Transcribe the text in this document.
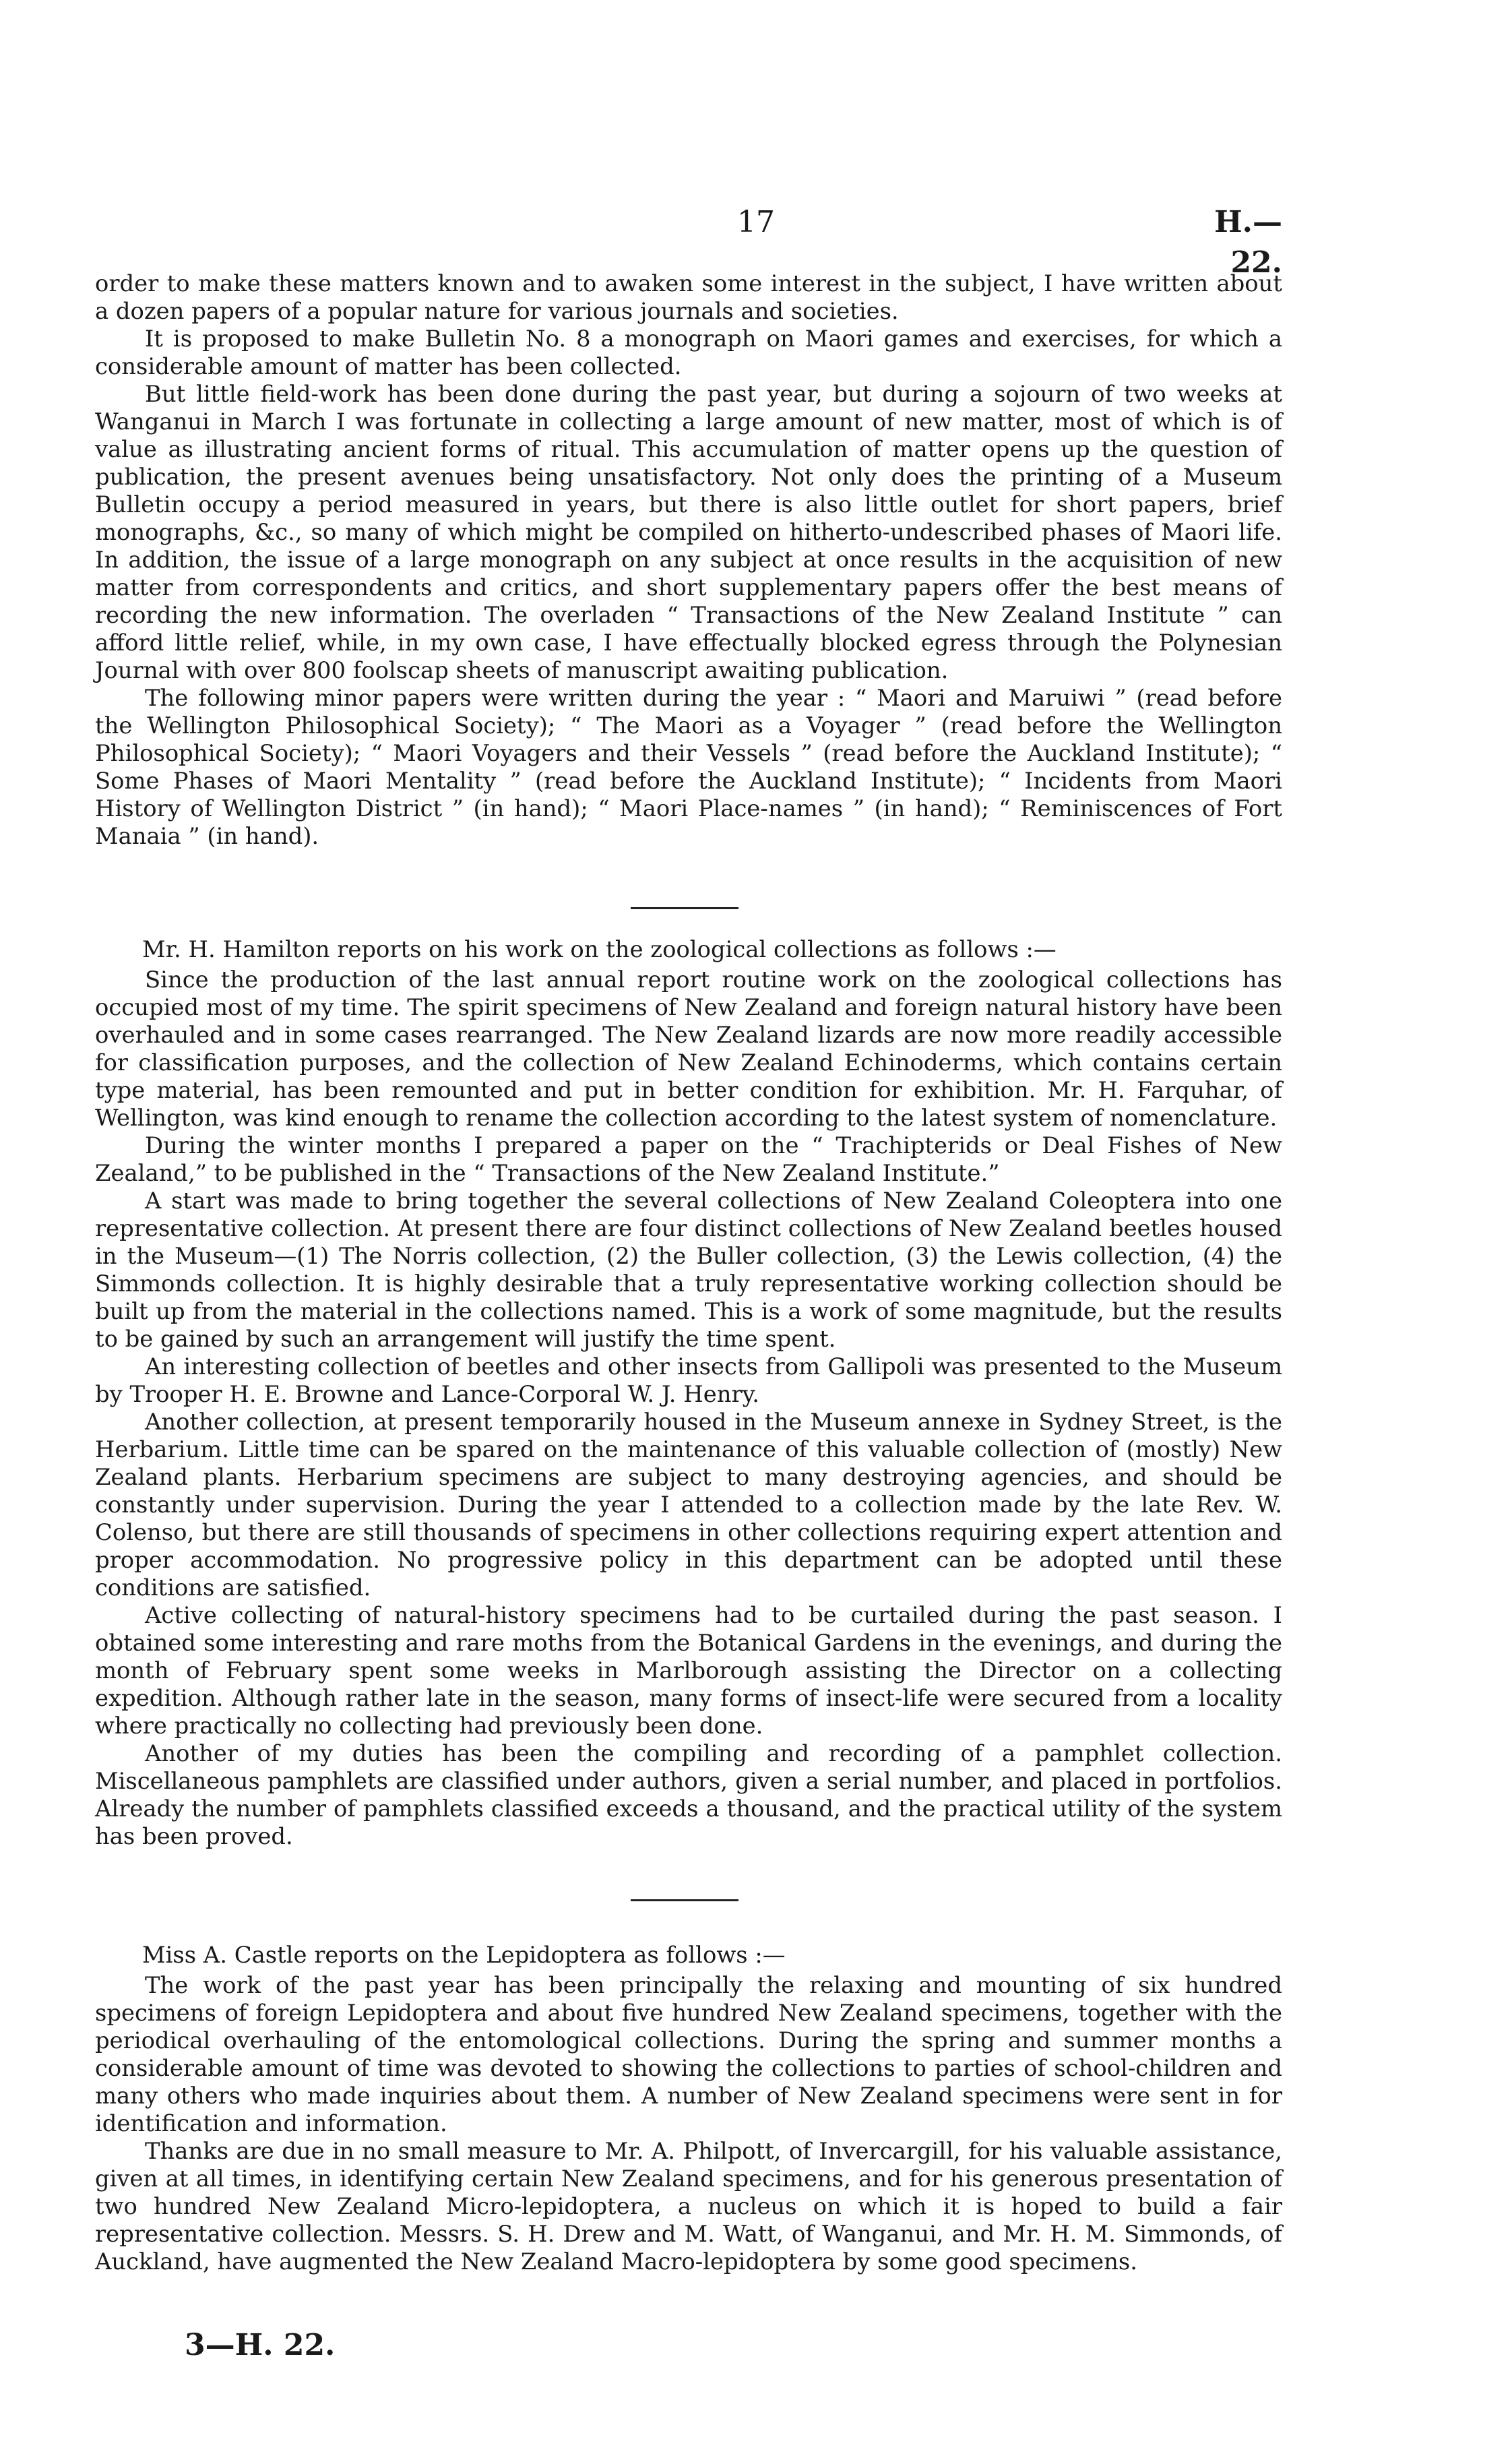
17	H.—22.

order to make these matters known and to awaken some interest in the subject, I have written about a dozen papers of a popular nature for various journals and societies.

It is proposed to make Bulletin No. 8 a monograph on Maori games and exercises, for which a considerable amount of matter has been collected.

But little field-work has been done during the past year, but during a sojourn of two weeks at Wanganui in March I was fortunate in collecting a large amount of new matter, most of which is of value as illustrating ancient forms of ritual. This accumulation of matter opens up the question of publication, the present avenues being unsatisfactory. Not only does the printing of a Museum Bulletin occupy a period measured in years, but there is also little outlet for short papers, brief monographs, &c., so many of which might be compiled on hitherto-undescribed phases of Maori life. In addition, the issue of a large monograph on any subject at once results in the acquisition of new matter from correspondents and critics, and short supplementary papers offer the best means of recording the new information. The overladen “ Transactions of the New Zealand Institute ” can afford little relief, while, in my own case, I have effectually blocked egress through the Polynesian Journal with over 800 foolscap sheets of manuscript awaiting publication.

The following minor papers were written during the year : “ Maori and Maruiwi ” (read before the Wellington Philosophical Society); “ The Maori as a Voyager ” (read before the Wellington Philosophical Society); “ Maori Voyagers and their Vessels ” (read before the Auckland Institute); “ Some Phases of Maori Mentality ” (read before the Auckland Institute); “ Incidents from Maori History of Wellington District ” (in hand); “ Maori Place-names ” (in hand); “ Reminiscences of Fort Manaia ” (in hand).

Mr. H. Hamilton reports on his work on the zoological collections as follows :—

Since the production of the last annual report routine work on the zoological collections has occupied most of my time. The spirit specimens of New Zealand and foreign natural history have been overhauled and in some cases rearranged. The New Zealand lizards are now more readily accessible for classification purposes, and the collection of New Zealand Echinoderms, which contains certain type material, has been remounted and put in better condition for exhibition. Mr. H. Farquhar, of Wellington, was kind enough to rename the collection according to the latest system of nomenclature.

During the winter months I prepared a paper on the “ Trachipterids or Deal Fishes of New Zealand,” to be published in the “ Transactions of the New Zealand Institute.”

A start was made to bring together the several collections of New Zealand Coleoptera into one representative collection. At present there are four distinct collections of New Zealand beetles housed in the Museum—(1) The Norris collection, (2) the Buller collection, (3) the Lewis collection, (4) the Simmonds collection. It is highly desirable that a truly representative working collection should be built up from the material in the collections named. This is a work of some magnitude, but the results to be gained by such an arrangement will justify the time spent.

An interesting collection of beetles and other insects from Gallipoli was presented to the Museum by Trooper H. E. Browne and Lance-Corporal W. J. Henry.

Another collection, at present temporarily housed in the Museum annexe in Sydney Street, is the Herbarium. Little time can be spared on the maintenance of this valuable collection of (mostly) New Zealand plants. Herbarium specimens are subject to many destroying agencies, and should be constantly under supervision. During the year I attended to a collection made by the late Rev. W. Colenso, but there are still thousands of specimens in other collections requiring expert attention and proper accommodation. No progressive policy in this department can be adopted until these conditions are satisfied.

Active collecting of natural-history specimens had to be curtailed during the past season. I obtained some interesting and rare moths from the Botanical Gardens in the evenings, and during the month of February spent some weeks in Marlborough assisting the Director on a collecting expedition. Although rather late in the season, many forms of insect-life were secured from a locality where practically no collecting had previously been done.

Another of my duties has been the compiling and recording of a pamphlet collection. Miscellaneous pamphlets are classified under authors, given a serial number, and placed in portfolios. Already the number of pamphlets classified exceeds a thousand, and the practical utility of the system has been proved.

Miss A. Castle reports on the Lepidoptera as follows :—

The work of the past year has been principally the relaxing and mounting of six hundred specimens of foreign Lepidoptera and about five hundred New Zealand specimens, together with the periodical overhauling of the entomological collections. During the spring and summer months a considerable amount of time was devoted to showing the collections to parties of school-children and many others who made inquiries about them. A number of New Zealand specimens were sent in for identification and information.

Thanks are due in no small measure to Mr. A. Philpott, of Invercargill, for his valuable assistance, given at all times, in identifying certain New Zealand specimens, and for his generous presentation of two hundred New Zealand Micro-lepidoptera, a nucleus on which it is hoped to build a fair representative collection. Messrs. S. H. Drew and M. Watt, of Wanganui, and Mr. H. M. Simmonds, of Auckland, have augmented the New Zealand Macro-lepidoptera by some good specimens.

3—H. 22.
